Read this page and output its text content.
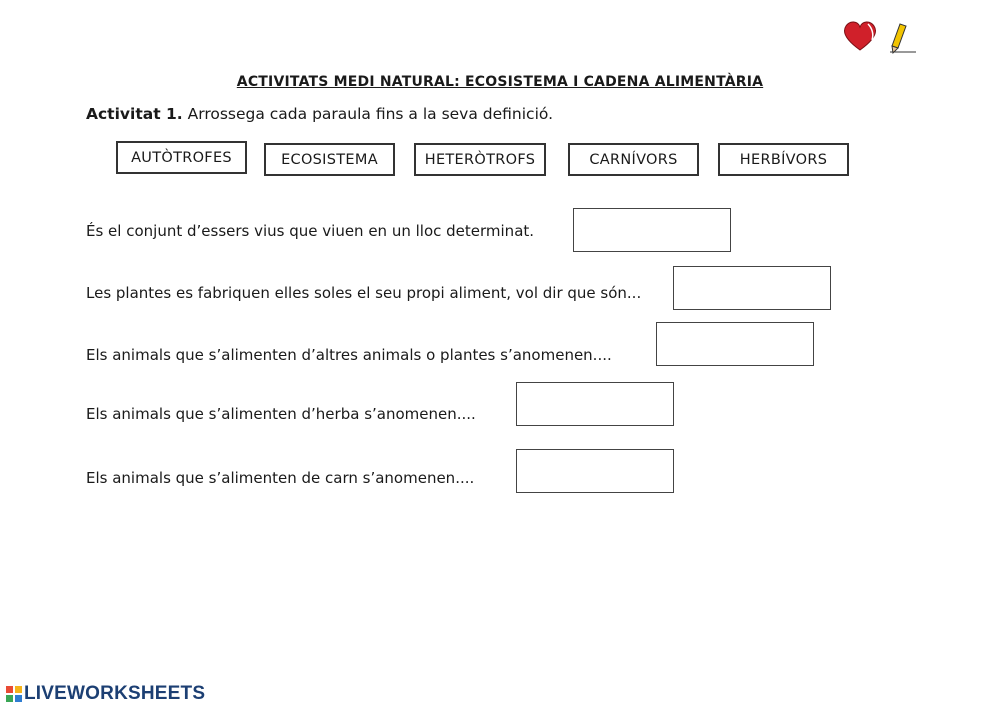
ACTIVITATS MEDI NATURAL: ECOSISTEMA I CADENA ALIMENTÀRIA
Activitat 1. Arrossega cada paraula fins a la seva definició.
AUTÒTROFES	ECOSISTEMA	HETERÒTROFS	CARNÍVORS	HERBÍVORS
És el conjunt d’essers vius que viuen en un lloc determinat.
Les plantes es fabriquen elles soles el seu propi aliment, vol dir que són...
Els animals que s’alimenten d’altres animals o plantes s’anomenen....
Els animals que s’alimenten d’herba s’anomenen....
Els animals que s’alimenten de carn s’anomenen....
LIVEWORKSHEETS
